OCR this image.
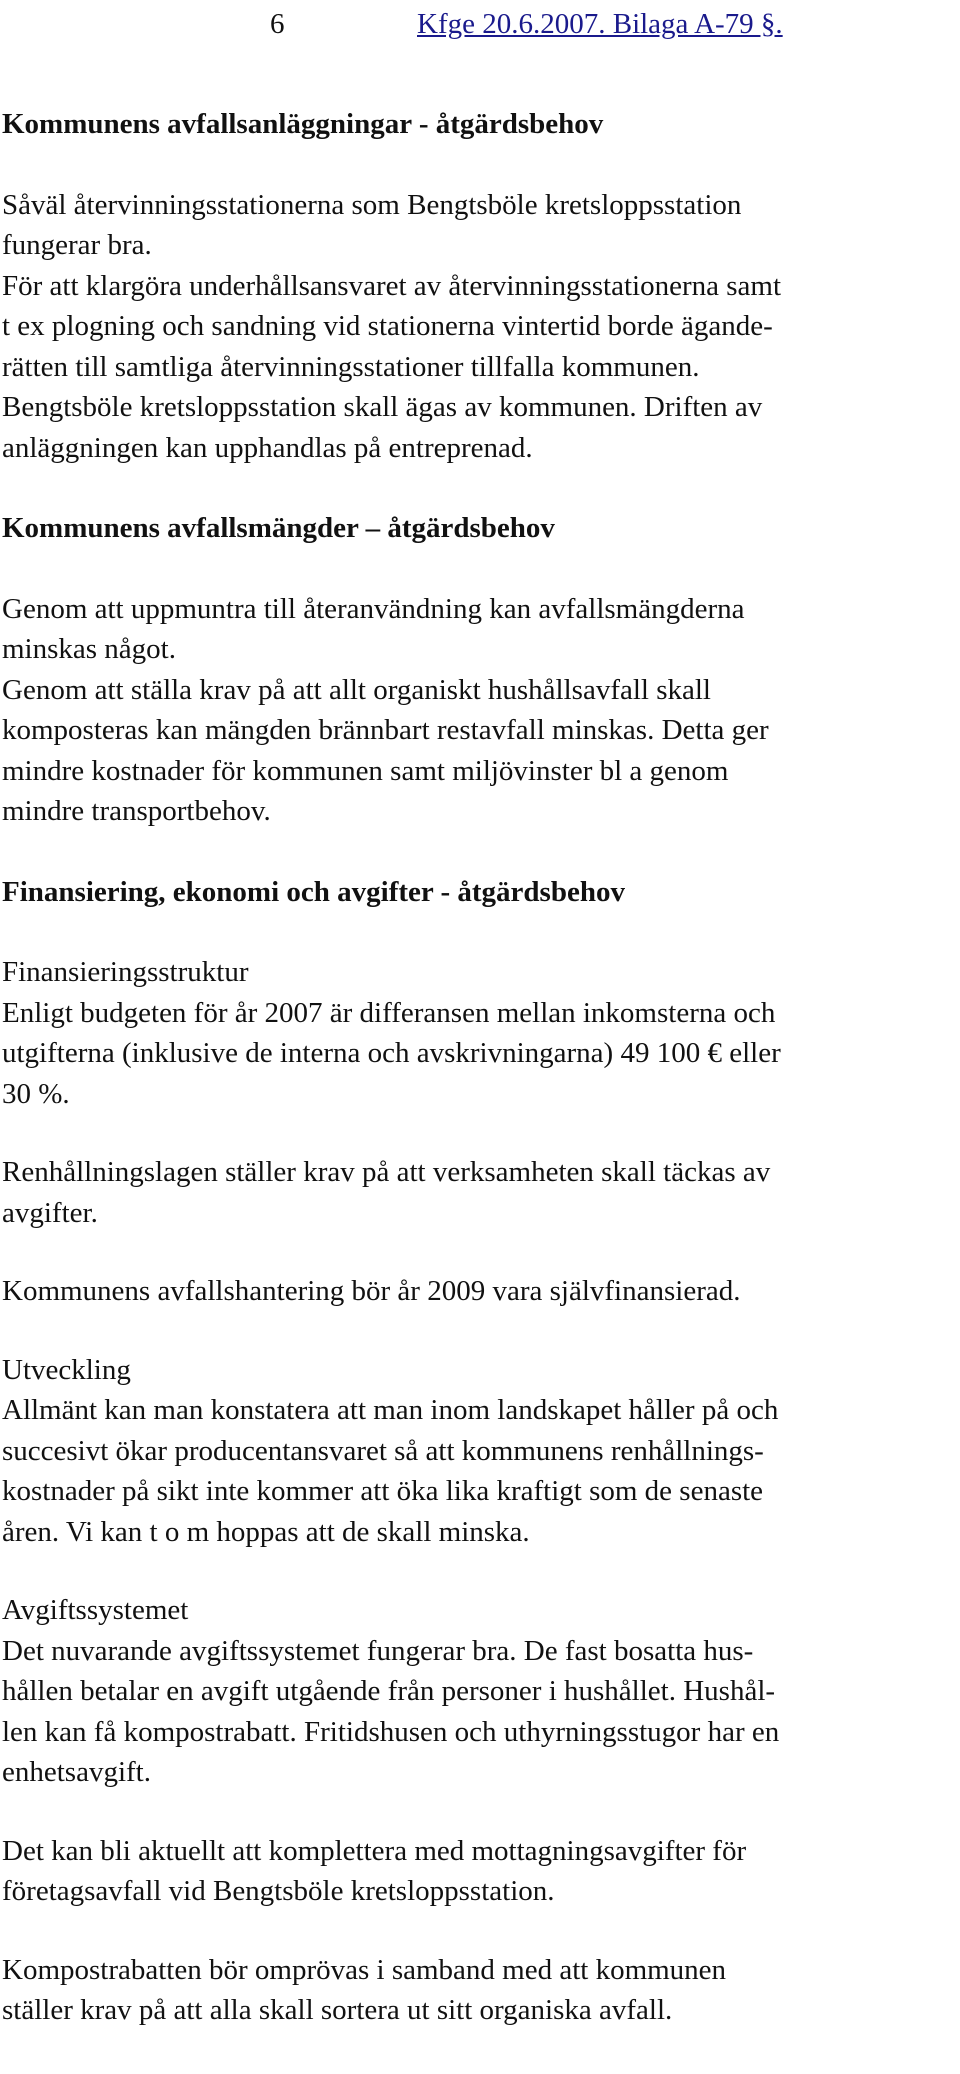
6	Kfge 20.6.2007. Bilaga A-79 §.

Kommunens avfallsanläggningar - åtgärdsbehov

Såväl återvinningsstationerna som Bengtsböle kretsloppsstation

fungerar bra.

För att klargöra underhållsansvaret av återvinningsstationerna samt

t ex plogning och sandning vid stationerna vintertid borde ägande-

rätten till samtliga återvinningsstationer tillfalla kommunen.

Bengtsböle kretsloppsstation skall ägas av kommunen. Driften av

anläggningen kan upphandlas på entreprenad.

Kommunens avfallsmängder – åtgärdsbehov

Genom att uppmuntra till återanvändning kan avfallsmängderna

minskas något.

Genom att ställa krav på att allt organiskt hushållsavfall skall

komposteras kan mängden brännbart restavfall minskas. Detta ger

mindre kostnader för kommunen samt miljövinster bl a genom

mindre transportbehov.

Finansiering, ekonomi och avgifter - åtgärdsbehov

Finansieringsstruktur

Enligt budgeten för år 2007 är differansen mellan inkomsterna och

utgifterna (inklusive de interna och avskrivningarna) 49 100 € eller

30 %.

Renhållningslagen ställer krav på att verksamheten skall täckas av

avgifter.

Kommunens avfallshantering bör år 2009 vara självfinansierad.

Utveckling

Allmänt kan man konstatera att man inom landskapet håller på och

succesivt ökar producentansvaret så att kommunens renhållnings-

kostnader på sikt inte kommer att öka lika kraftigt som de senaste

åren. Vi kan t o m hoppas att de skall minska.

Avgiftssystemet

Det nuvarande avgiftssystemet fungerar bra. De fast bosatta hus-

hållen betalar en avgift utgående från personer i hushållet. Hushål-

len kan få kompostrabatt. Fritidshusen och uthyrningsstugor har en

enhetsavgift.

Det kan bli aktuellt att komplettera med mottagningsavgifter för

företagsavfall vid Bengtsböle kretsloppsstation.

Kompostrabatten bör omprövas i samband med att kommunen

ställer krav på att alla skall sortera ut sitt organiska avfall.
